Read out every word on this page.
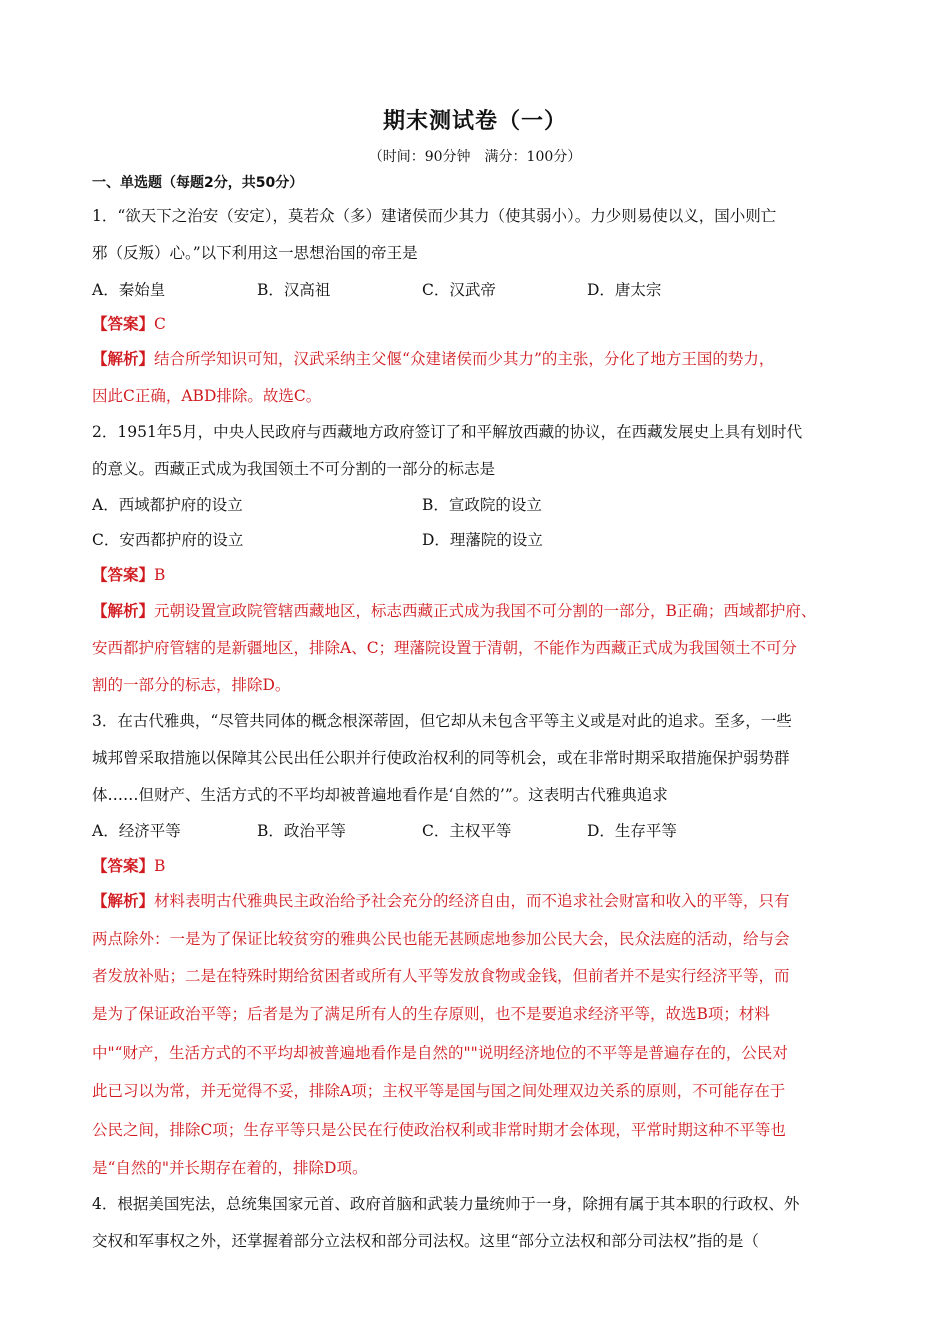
期末测试卷（一）
（时间：90分钟　满分：100分）
一、单选题（每题2分，共50分）
1．“欲天下之治安（安定），莫若众（多）建诸侯而少其力（使其弱小）。力少则易使以义，国小则亡
邪（反叛）心。”以下利用这一思想治国的帝王是
A．秦始皇	B．汉高祖	C．汉武帝	D．唐太宗
【答案】C
【解析】结合所学知识可知，汉武采纳主父偃“众建诸侯而少其力”的主张，分化了地方王国的势力，
因此C正确，ABD排除。故选C。
2．1951年5月，中央人民政府与西藏地方政府签订了和平解放西藏的协议，在西藏发展史上具有划时代
的意义。西藏正式成为我国领土不可分割的一部分的标志是
A．西域都护府的设立	B．宣政院的设立
C．安西都护府的设立	D．理藩院的设立
【答案】B
【解析】元朝设置宣政院管辖西藏地区，标志西藏正式成为我国不可分割的一部分，B正确；西域都护府、
安西都护府管辖的是新疆地区，排除A、C；理藩院设置于清朝，不能作为西藏正式成为我国领土不可分
割的一部分的标志，排除D。
3．在古代雅典，“尽管共同体的概念根深蒂固，但它却从未包含平等主义或是对此的追求。至多，一些
城邦曾采取措施以保障其公民出任公职并行使政治权利的同等机会，或在非常时期采取措施保护弱势群
体……但财产、生活方式的不平均却被普遍地看作是‘自然的’”。这表明古代雅典追求
A．经济平等	B．政治平等	C．主权平等	D．生存平等
【答案】B
【解析】材料表明古代雅典民主政治给予社会充分的经济自由，而不追求社会财富和收入的平等，只有
两点除外：一是为了保证比较贫穷的雅典公民也能无甚顾虑地参加公民大会，民众法庭的活动，给与会
者发放补贴；二是在特殊时期给贫困者或所有人平等发放食物或金钱，但前者并不是实行经济平等，而
是为了保证政治平等；后者是为了满足所有人的生存原则，也不是要追求经济平等，故选B项；材料
中"“财产，生活方式的不平均却被普遍地看作是自然的""说明经济地位的不平等是普遍存在的，公民对
此已习以为常，并无觉得不妥，排除A项；主权平等是国与国之间处理双边关系的原则，不可能存在于
公民之间，排除C项；生存平等只是公民在行使政治权利或非常时期才会体现，平常时期这种不平等也
是“自然的"并长期存在着的，排除D项。
4．根据美国宪法，总统集国家元首、政府首脑和武装力量统帅于一身，除拥有属于其本职的行政权、外
交权和军事权之外，还掌握着部分立法权和部分司法权。这里“部分立法权和部分司法权”指的是（
